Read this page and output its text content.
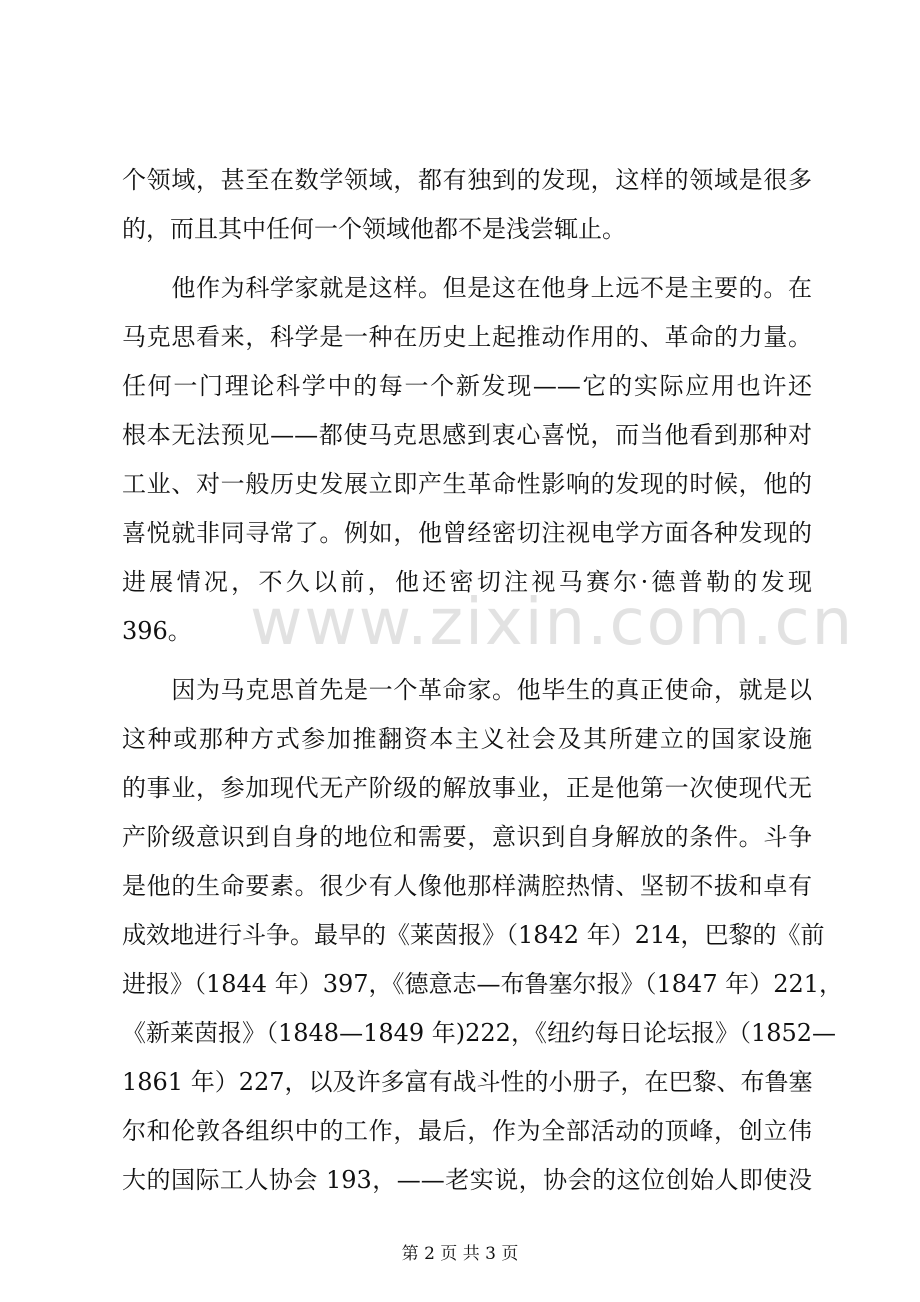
www.zixin.com.cn
个领域，甚至在数学领域，都有独到的发现，这样的领域是很多
的，而且其中任何一个领域他都不是浅尝辄止。
　　他作为科学家就是这样。但是这在他身上远不是主要的。在
马克思看来，科学是一种在历史上起推动作用的、革命的力量。
任何一门理论科学中的每一个新发现——它的实际应用也许还
根本无法预见——都使马克思感到衷心喜悦，而当他看到那种对
工业、对一般历史发展立即产生革命性影响的发现的时候，他的
喜悦就非同寻常了。例如，他曾经密切注视电学方面各种发现的
进展情况，不久以前，他还密切注视马赛尔·德普勒的发现
396。
　　因为马克思首先是一个革命家。他毕生的真正使命，就是以
这种或那种方式参加推翻资本主义社会及其所建立的国家设施
的事业，参加现代无产阶级的解放事业，正是他第一次使现代无
产阶级意识到自身的地位和需要，意识到自身解放的条件。斗争
是他的生命要素。很少有人像他那样满腔热情、坚韧不拔和卓有
成效地进行斗争。最早的《莱茵报》（1842 年）214，巴黎的《前
进报》（1844 年）397，《德意志—布鲁塞尔报》（1847 年）221，
《新莱茵报》（1848—1849 年)222，《纽约每日论坛报》（1852—
1861 年）227，以及许多富有战斗性的小册子，在巴黎、布鲁塞
尔和伦敦各组织中的工作，最后，作为全部活动的顶峰，创立伟
大的国际工人协会 193，——老实说，协会的这位创始人即使没
第 2 页 共 3 页
